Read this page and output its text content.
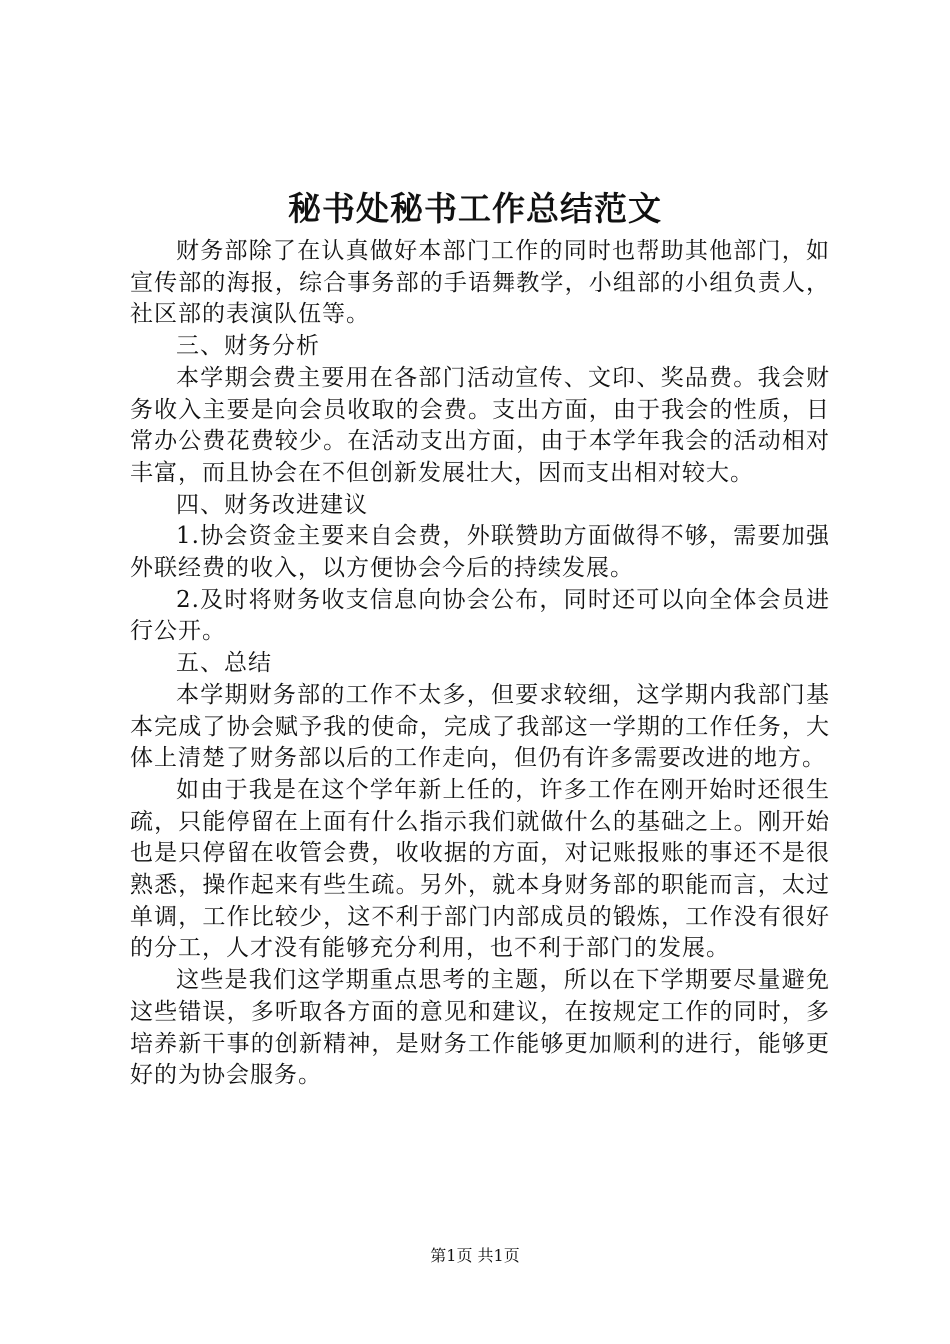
秘书处秘书工作总结范文

财务部除了在认真做好本部门工作的同时也帮助其他部门，如宣传部的海报，综合事务部的手语舞教学，小组部的小组负责人，社区部的表演队伍等。

三、财务分析

本学期会费主要用在各部门活动宣传、文印、奖品费。我会财务收入主要是向会员收取的会费。支出方面，由于我会的性质，日常办公费花费较少。在活动支出方面，由于本学年我会的活动相对丰富，而且协会在不但创新发展壮大，因而支出相对较大。

四、财务改进建议

1.协会资金主要来自会费，外联赞助方面做得不够，需要加强外联经费的收入，以方便协会今后的持续发展。

2.及时将财务收支信息向协会公布，同时还可以向全体会员进行公开。

五、总结

本学期财务部的工作不太多，但要求较细，这学期内我部门基本完成了协会赋予我的使命，完成了我部这一学期的工作任务，大体上清楚了财务部以后的工作走向，但仍有许多需要改进的地方。

如由于我是在这个学年新上任的，许多工作在刚开始时还很生疏，只能停留在上面有什么指示我们就做什么的基础之上。刚开始也是只停留在收管会费，收收据的方面，对记账报账的事还不是很熟悉，操作起来有些生疏。另外，就本身财务部的职能而言，太过单调，工作比较少，这不利于部门内部成员的锻炼，工作没有很好的分工，人才没有能够充分利用，也不利于部门的发展。

这些是我们这学期重点思考的主题，所以在下学期要尽量避免这些错误，多听取各方面的意见和建议，在按规定工作的同时，多培养新干事的创新精神，是财务工作能够更加顺利的进行，能够更好的为协会服务。

第1页 共1页
